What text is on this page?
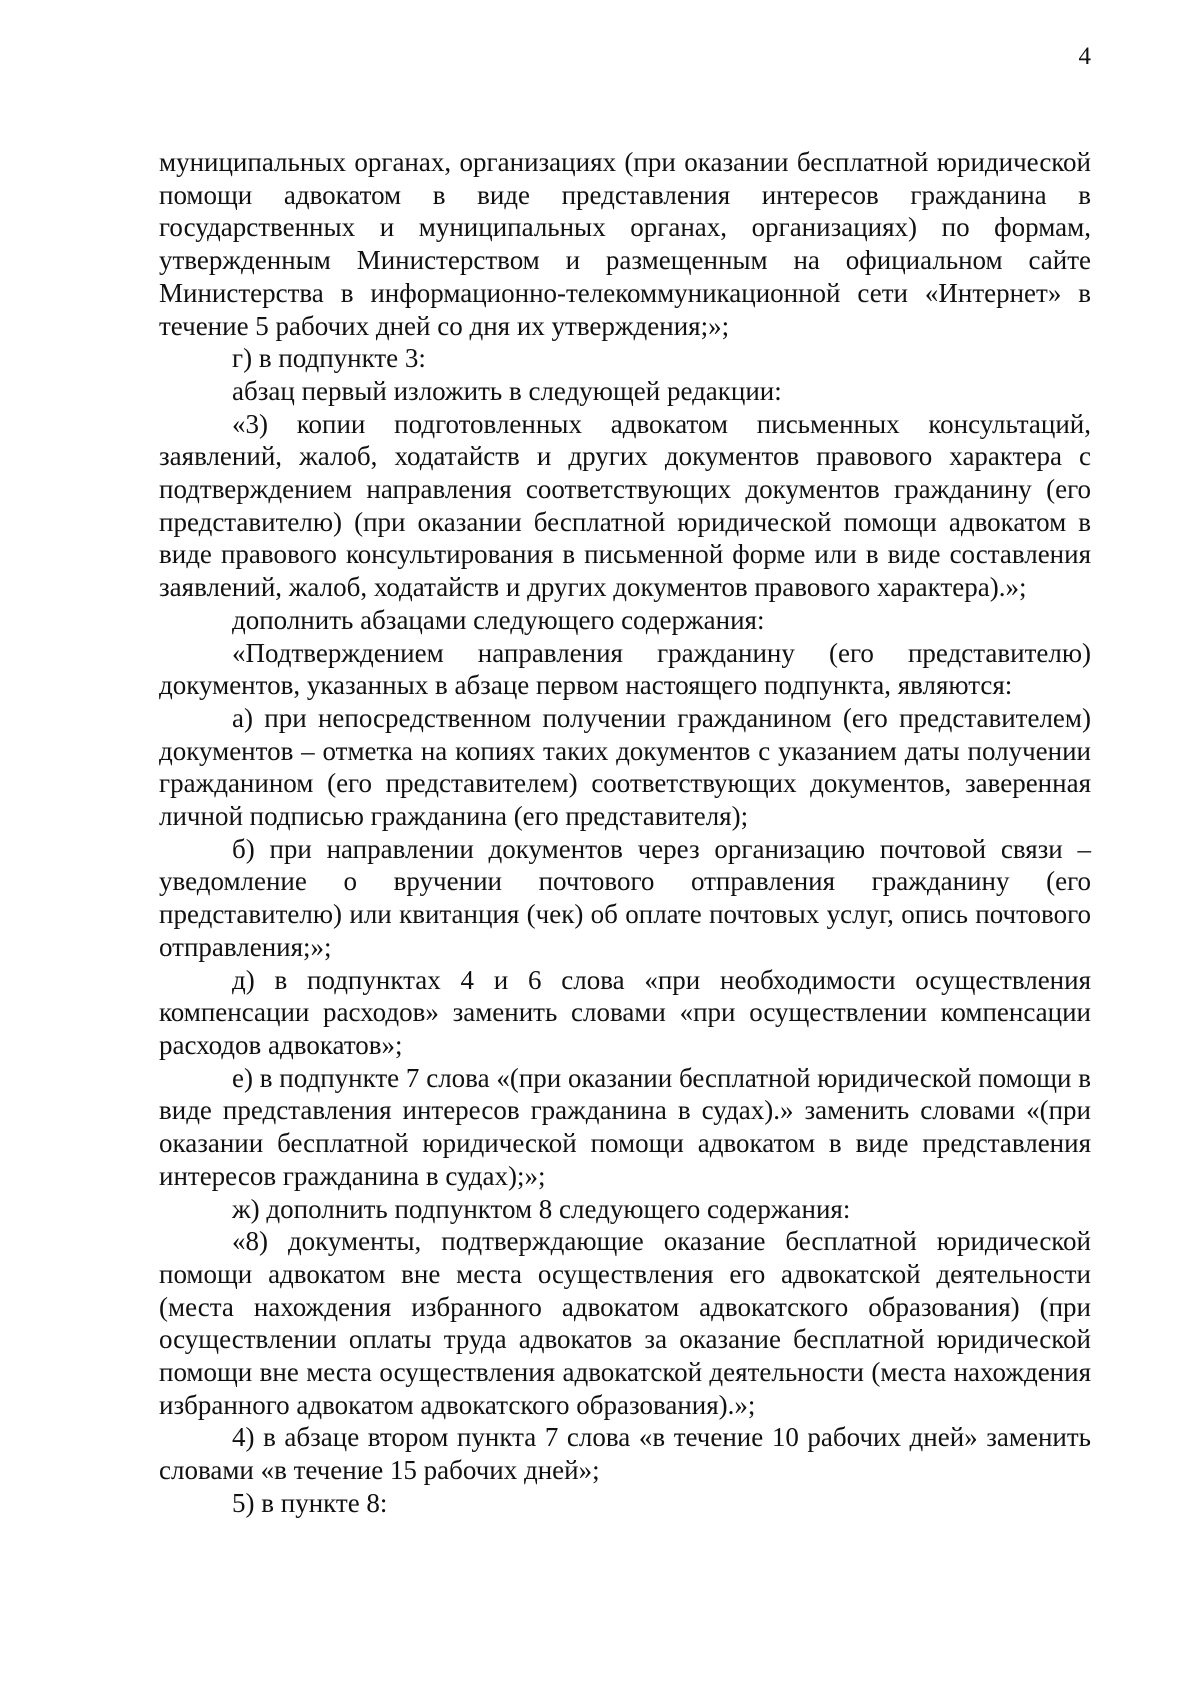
4

муниципальных органах, организациях (при оказании бесплатной юридической помощи адвокатом в виде представления интересов гражданина в государственных и муниципальных органах, организациях) по формам, утвержденным Министерством и размещенным на официальном сайте Министерства в информационно-телекоммуникационной сети «Интернет» в течение 5 рабочих дней со дня их утверждения;»;

г) в подпункте 3:

абзац первый изложить в следующей редакции:

«3) копии подготовленных адвокатом письменных консультаций, заявлений, жалоб, ходатайств и других документов правового характера с подтверждением направления соответствующих документов гражданину (его представителю) (при оказании бесплатной юридической помощи адвокатом в виде правового консультирования в письменной форме или в виде составления заявлений, жалоб, ходатайств и других документов правового характера).»;

дополнить абзацами следующего содержания:

«Подтверждением направления гражданину (его представителю) документов, указанных в абзаце первом настоящего подпункта, являются:

а) при непосредственном получении гражданином (его представителем) документов – отметка на копиях таких документов с указанием даты получении гражданином (его представителем) соответствующих документов, заверенная личной подписью гражданина (его представителя);

б) при направлении документов через организацию почтовой связи – уведомление о вручении почтового отправления гражданину (его представителю) или квитанция (чек) об оплате почтовых услуг, опись почтового отправления;»;

д) в подпунктах 4 и 6 слова «при необходимости осуществления компенсации расходов» заменить словами «при осуществлении компенсации расходов адвокатов»;

е) в подпункте 7 слова «(при оказании бесплатной юридической помощи в виде представления интересов гражданина в судах).» заменить словами «(при оказании бесплатной юридической помощи адвокатом в виде представления интересов гражданина в судах);»;

ж) дополнить подпунктом 8 следующего содержания:

«8) документы, подтверждающие оказание бесплатной юридической помощи адвокатом вне места осуществления его адвокатской деятельности (места нахождения избранного адвокатом адвокатского образования) (при осуществлении оплаты труда адвокатов за оказание бесплатной юридической помощи вне места осуществления адвокатской деятельности (места нахождения избранного адвокатом адвокатского образования).»;

4) в абзаце втором пункта 7 слова «в течение 10 рабочих дней» заменить словами «в течение 15 рабочих дней»;

5) в пункте 8:
